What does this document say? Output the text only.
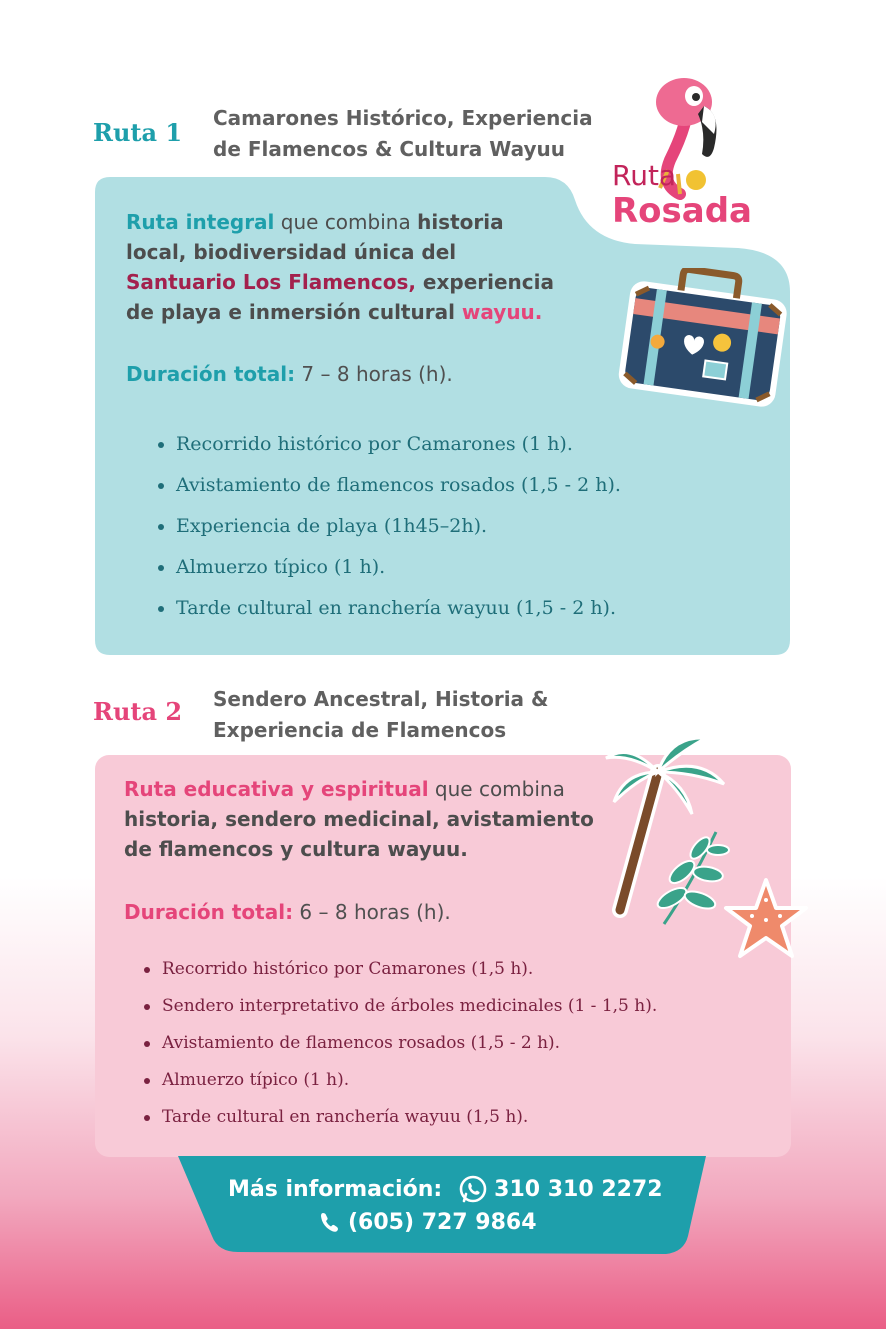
Ruta 1 Camarones Histórico, Experiencia
de Flamencos & Cultura Wayuu
Ruta integral que combina historia
local, biodiversidad única del
Santuario Los Flamencos, experiencia
de playa e inmersión cultural wayuu.
Duración total: 7 – 8 horas (h).
Recorrido histórico por Camarones (1 h).
Avistamiento de flamencos rosados (1,5 - 2 h).
Experiencia de playa (1h45–2h).
Almuerzo típico (1 h).
Tarde cultural en ranchería wayuu (1,5 - 2 h).
Ruta
Rosada
Ruta 2 Sendero Ancestral, Historia &
Experiencia de Flamencos
Ruta educativa y espiritual que combina
historia, sendero medicinal, avistamiento
de flamencos y cultura wayuu.
Duración total: 6 – 8 horas (h).
Recorrido histórico por Camarones (1,5 h).
Sendero interpretativo de árboles medicinales (1 - 1,5 h).
Avistamiento de flamencos rosados (1,5 - 2 h).
Almuerzo típico (1 h).
Tarde cultural en ranchería wayuu (1,5 h).
Más información: 310 310 2272
(605) 727 9864
